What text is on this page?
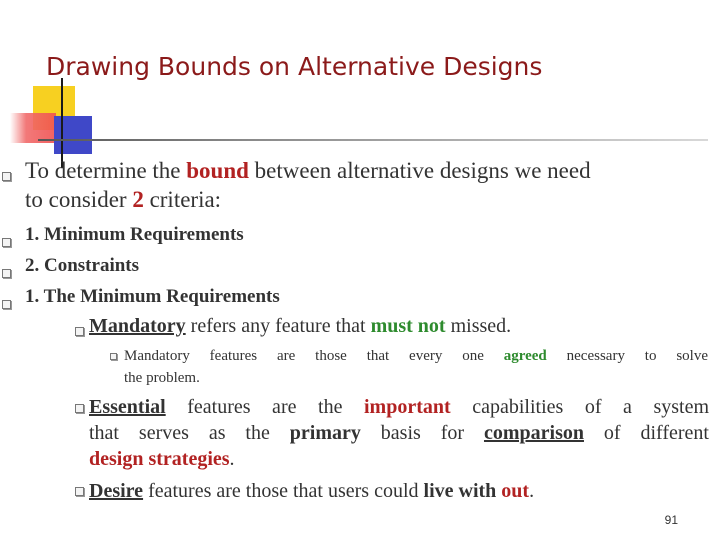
Drawing Bounds on Alternative Designs
To determine the bound between alternative designs we need
to consider 2 criteria:
1. Minimum Requirements
2. Constraints
1. The Minimum Requirements
Mandatory refers any feature that must not missed.
Mandatory features are those that every one agreed necessary to solve
the problem.
Essential features are the important capabilities of a system
that serves as the primary basis for comparison of different
design strategies.
Desire features are those that users could live with out.
91
